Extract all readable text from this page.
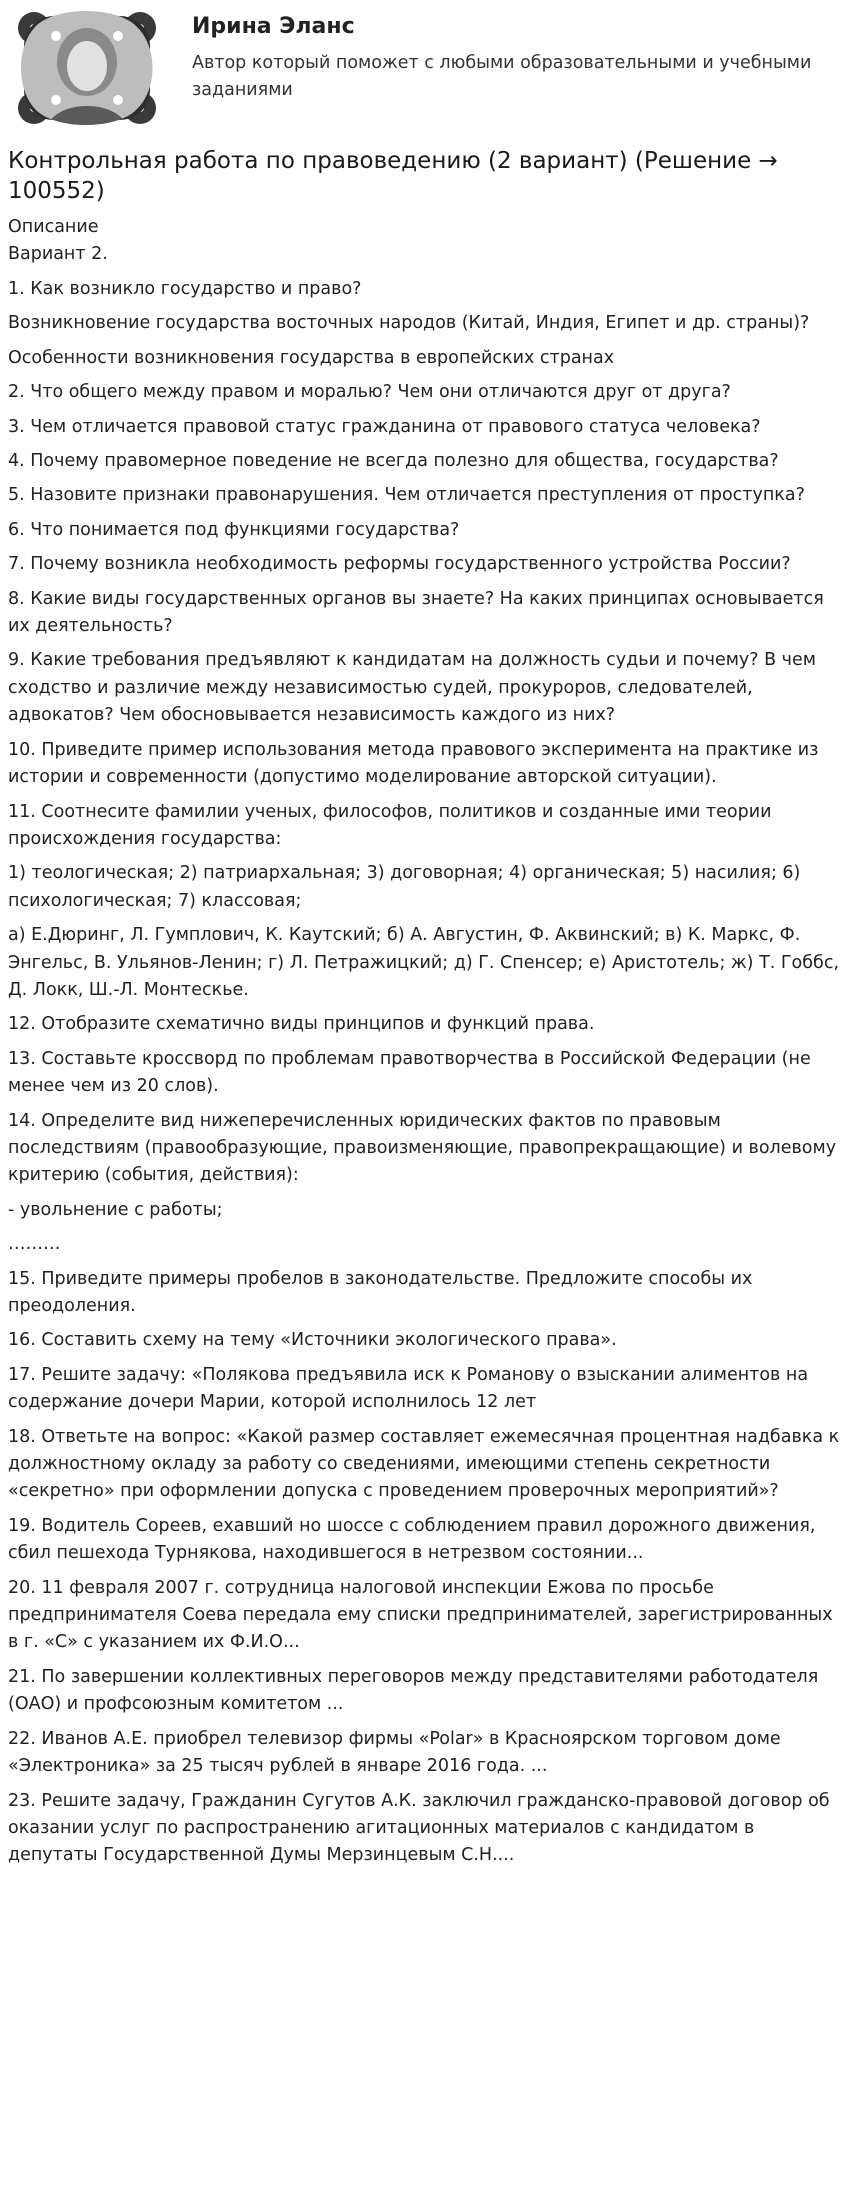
Ирина Эланс
Автор который поможет с любыми образовательными и учебными заданиями
Контрольная работа по правоведению (2 вариант) (Решение → 100552)
Описание
Вариант 2.

1. Как возникло государство и право?

Возникновение государства восточных народов (Китай, Индия, Египет и др. страны)?

Особенности возникновения государства в европейских странах

2. Что общего между правом и моралью? Чем они отличаются друг от друга?

3. Чем отличается правовой статус гражданина от правового статуса человека?

4. Почему правомерное поведение не всегда полезно для общества, государства?

5. Назовите признаки правонарушения. Чем отличается преступления от проступка?

6. Что понимается под функциями государства?

7. Почему возникла необходимость реформы государственного устройства России?

8. Какие виды государственных органов вы знаете? На каких принципах основывается их деятельность?

9. Какие требования предъявляют к кандидатам на должность судьи и почему? В чем сходство и различие между независимостью судей, прокуроров, следователей, адвокатов? Чем обосновывается независимость каждого из них?

10. Приведите пример использования метода правового эксперимента на практике из истории и современности (допустимо моделирование авторской ситуации).

11. Соотнесите фамилии ученых, философов, политиков и созданные ими теории происхождения государства:

1) теологическая; 2) патриархальная; 3) договорная; 4) органическая; 5) насилия; 6) психологическая; 7) классовая;

а) Е.Дюринг, Л. Гумплович, К. Каутский; б) А. Августин, Ф. Аквинский; в) К. Маркс, Ф. Энгельс, В. Ульянов-Ленин; г) Л. Петражицкий; д) Г. Спенсер; е) Аристотель; ж) Т. Гоббс, Д. Локк, Ш.-Л. Монтескье.

12. Отобразите схематично виды принципов и функций права.

13. Составьте кроссворд по проблемам правотворчества в Российской Федерации (не менее чем из 20 слов).

14. Определите вид нижеперечисленных юридических фактов по правовым последствиям (правообразующие, правоизменяющие, правопрекращающие) и волевому критерию (события, действия):

- увольнение с работы;

………

15. Приведите примеры пробелов в законодательстве. Предложите способы их преодоления.

16. Составить схему на тему «Источники экологического права».

17. Решите задачу: «Полякова предъявила иск к Романову о взыскании алиментов на содержание дочери Марии, которой исполнилось 12 лет

18. Ответьте на вопрос: «Какой размер составляет ежемесячная процентная надбавка к должностному окладу за работу со сведениями, имеющими степень секретности «секретно» при оформлении допуска с проведением проверочных мероприятий»?

19. Водитель Сореев, ехавший но шоссе с соблюдением правил дорожного движения, сбил пешехода Турнякова, находившегося в нетрезвом состоянии...

20. 11 февраля 2007 г. сотрудница налоговой инспекции Ежова по просьбе предпринимателя Соева передала ему списки предпринимателей, зарегистрированных в г. «С» с указанием их Ф.И.О...

21. По завершении коллективных переговоров между представителями работодателя (ОАО) и профсоюзным комитетом ...

22. Иванов А.Е. приобрел телевизор фирмы «Polar» в Красноярском торговом доме «Электроника» за 25 тысяч рублей в январе 2016 года. ...

23. Решите задачу, Гражданин Сугутов А.К. заключил гражданско-правовой договор об оказании услуг по распространению агитационных материалов с кандидатом в депутаты Государственной Думы Мерзинцевым С.Н....
